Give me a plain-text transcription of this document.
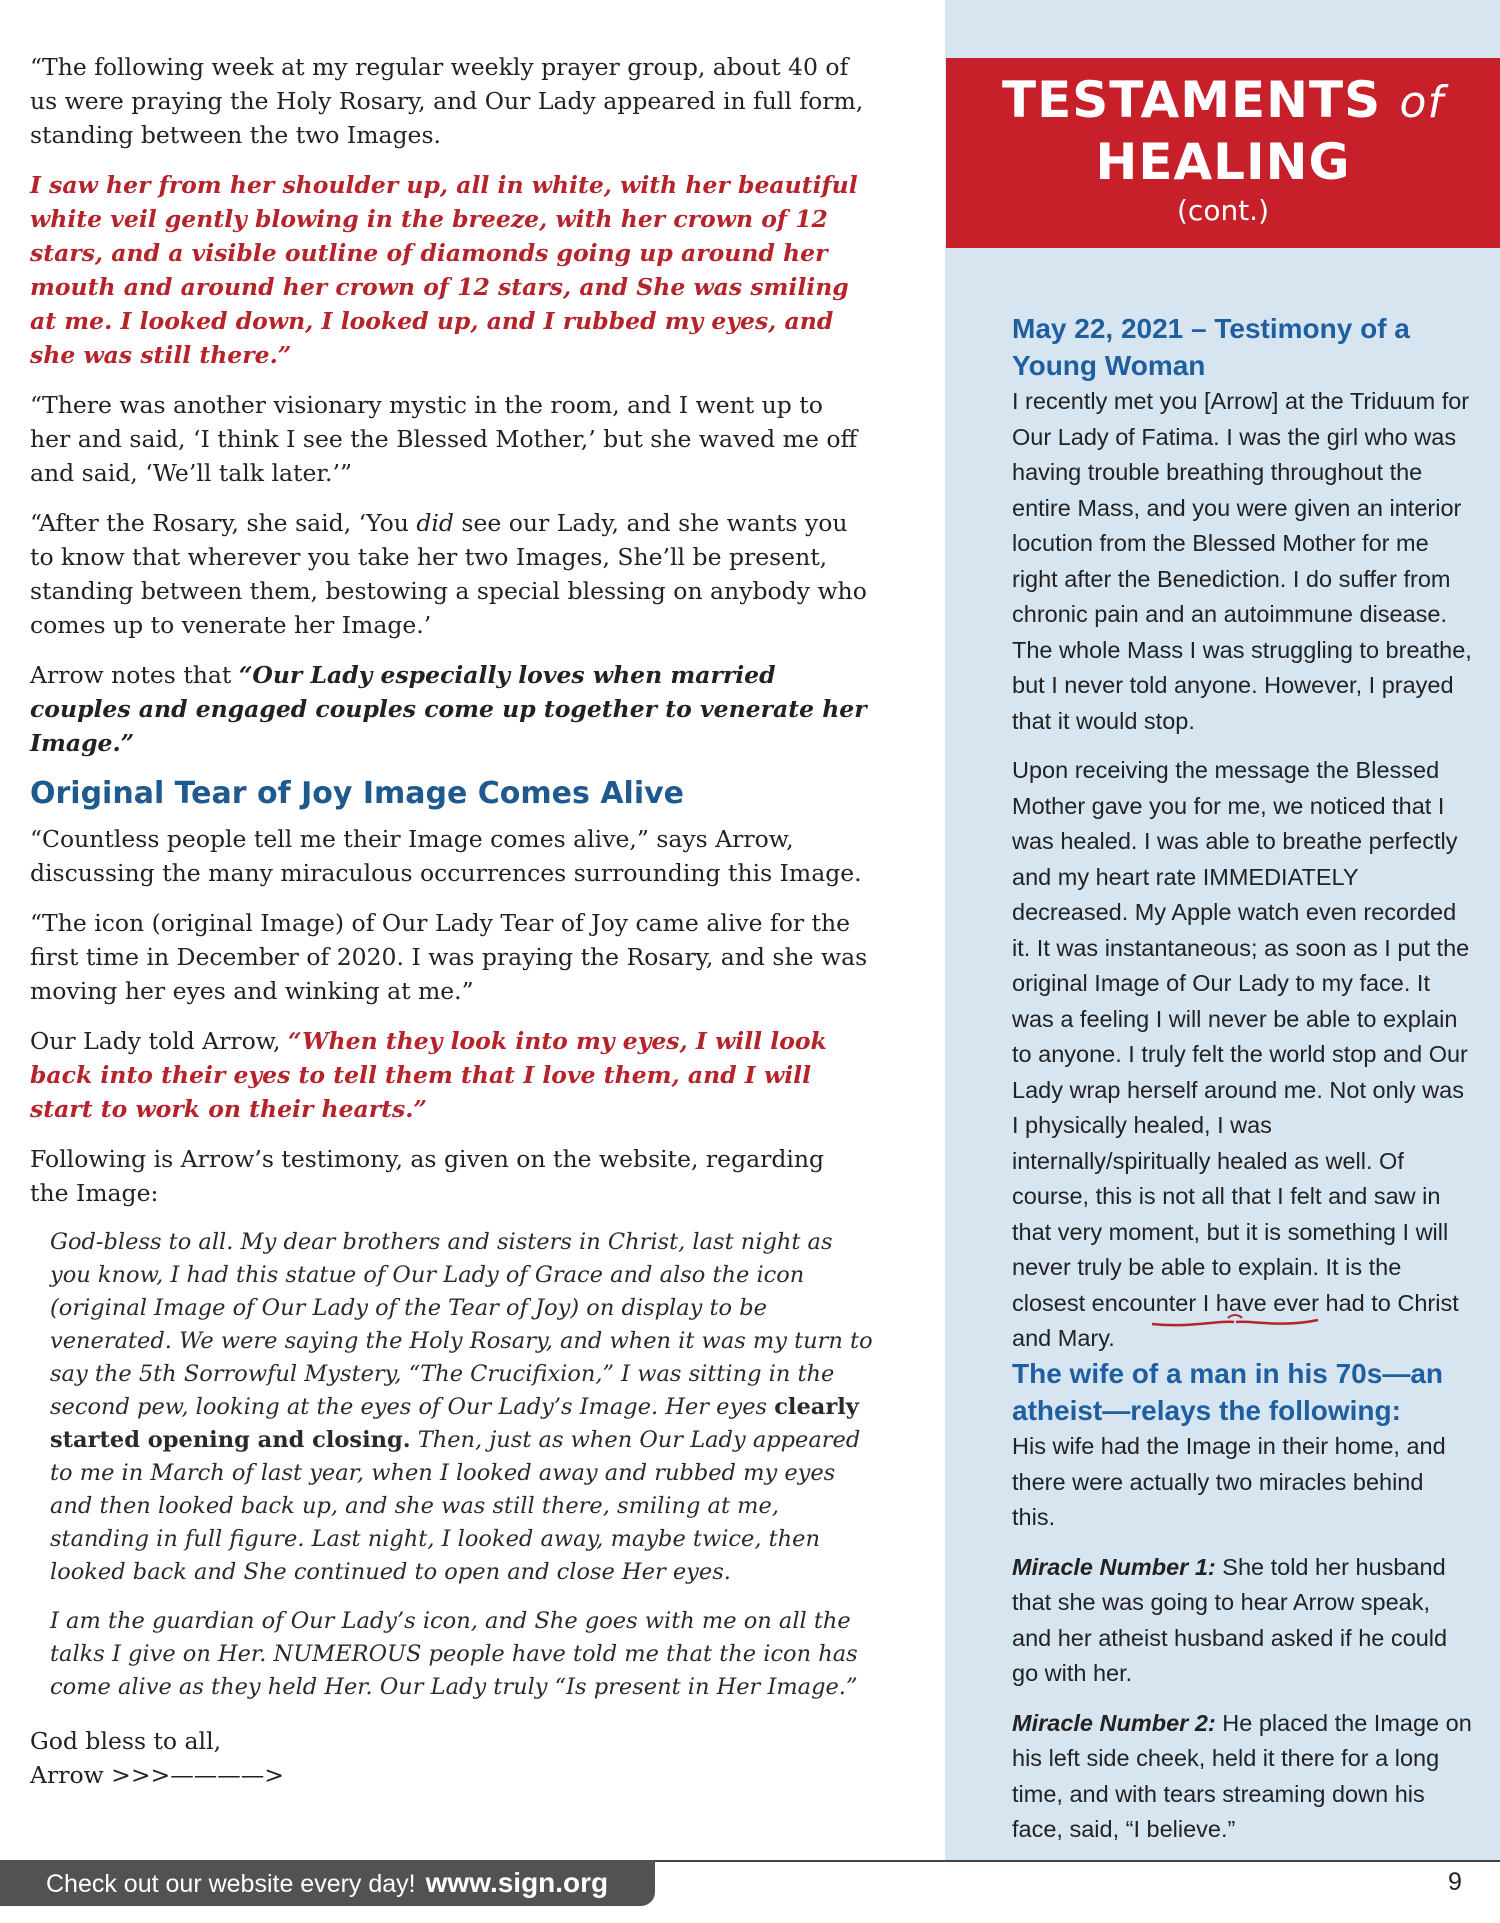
“The following week at my regular weekly prayer group, about 40 of us were praying the Holy Rosary, and Our Lady appeared in full form, standing between the two Images.

I saw her from her shoulder up, all in white, with her beautiful white veil gently blowing in the breeze, with her crown of 12 stars, and a visible outline of diamonds going up around her mouth and around her crown of 12 stars, and She was smiling at me. I looked down, I looked up, and I rubbed my eyes, and she was still there.”

“There was another visionary mystic in the room, and I went up to her and said, ‘I think I see the Blessed Mother,’ but she waved me off and said, ‘We’ll talk later.’”

“After the Rosary, she said, ‘You did see our Lady, and she wants you to know that wherever you take her two Images, She’ll be present, standing between them, bestowing a special blessing on anybody who comes up to venerate her Image.’

Arrow notes that “Our Lady especially loves when married couples and engaged couples come up together to venerate her Image.”

Original Tear of Joy Image Comes Alive

“Countless people tell me their Image comes alive,” says Arrow, discussing the many miraculous occurrences surrounding this Image.

“The icon (original Image) of Our Lady Tear of Joy came alive for the first time in December of 2020. I was praying the Rosary, and she was moving her eyes and winking at me.”

Our Lady told Arrow, “When they look into my eyes, I will look back into their eyes to tell them that I love them, and I will start to work on their hearts.”

Following is Arrow’s testimony, as given on the website, regarding the Image:

God-bless to all. My dear brothers and sisters in Christ, last night as you know, I had this statue of Our Lady of Grace and also the icon (original Image of Our Lady of the Tear of Joy) on display to be venerated. We were saying the Holy Rosary, and when it was my turn to say the 5th Sorrowful Mystery, “The Crucifixion,” I was sitting in the second pew, looking at the eyes of Our Lady’s Image. Her eyes clearly started opening and closing. Then, just as when Our Lady appeared to me in March of last year, when I looked away and rubbed my eyes and then looked back up, and she was still there, smiling at me, standing in full figure. Last night, I looked away, maybe twice, then looked back and She continued to open and close Her eyes.

I am the guardian of Our Lady’s icon, and She goes with me on all the talks I give on Her. NUMEROUS people have told me that the icon has come alive as they held Her. Our Lady truly “Is present in Her Image.”

God bless to all,
Arrow >>>————>
TESTAMENTS of
HEALING
(cont.)
May 22, 2021 – Testimony of a Young Woman

I recently met you [Arrow] at the Triduum for Our Lady of Fatima. I was the girl who was having trouble breathing throughout the entire Mass, and you were given an interior locution from the Blessed Mother for me right after the Benediction. I do suffer from chronic pain and an autoimmune disease. The whole Mass I was struggling to breathe, but I never told anyone. However, I prayed that it would stop.

Upon receiving the message the Blessed Mother gave you for me, we noticed that I was healed. I was able to breathe perfectly and my heart rate IMMEDIATELY decreased. My Apple watch even recorded it. It was instantaneous; as soon as I put the original Image of Our Lady to my face. It was a feeling I will never be able to explain to anyone. I truly felt the world stop and Our Lady wrap herself around me. Not only was I physically healed, I was internally/spiritually healed as well. Of course, this is not all that I felt and saw in that very moment, but it is something I will never truly be able to explain. It is the closest encounter I have ever had to Christ and Mary.

The wife of a man in his 70s—an atheist—relays the following:

His wife had the Image in their home, and there were actually two miracles behind this.

Miracle Number 1: She told her husband that she was going to hear Arrow speak, and her atheist husband asked if he could go with her.

Miracle Number 2: He placed the Image on his left side cheek, held it there for a long time, and with tears streaming down his face, said, “I believe.”

Check out our website every day! www.sign.org	9
